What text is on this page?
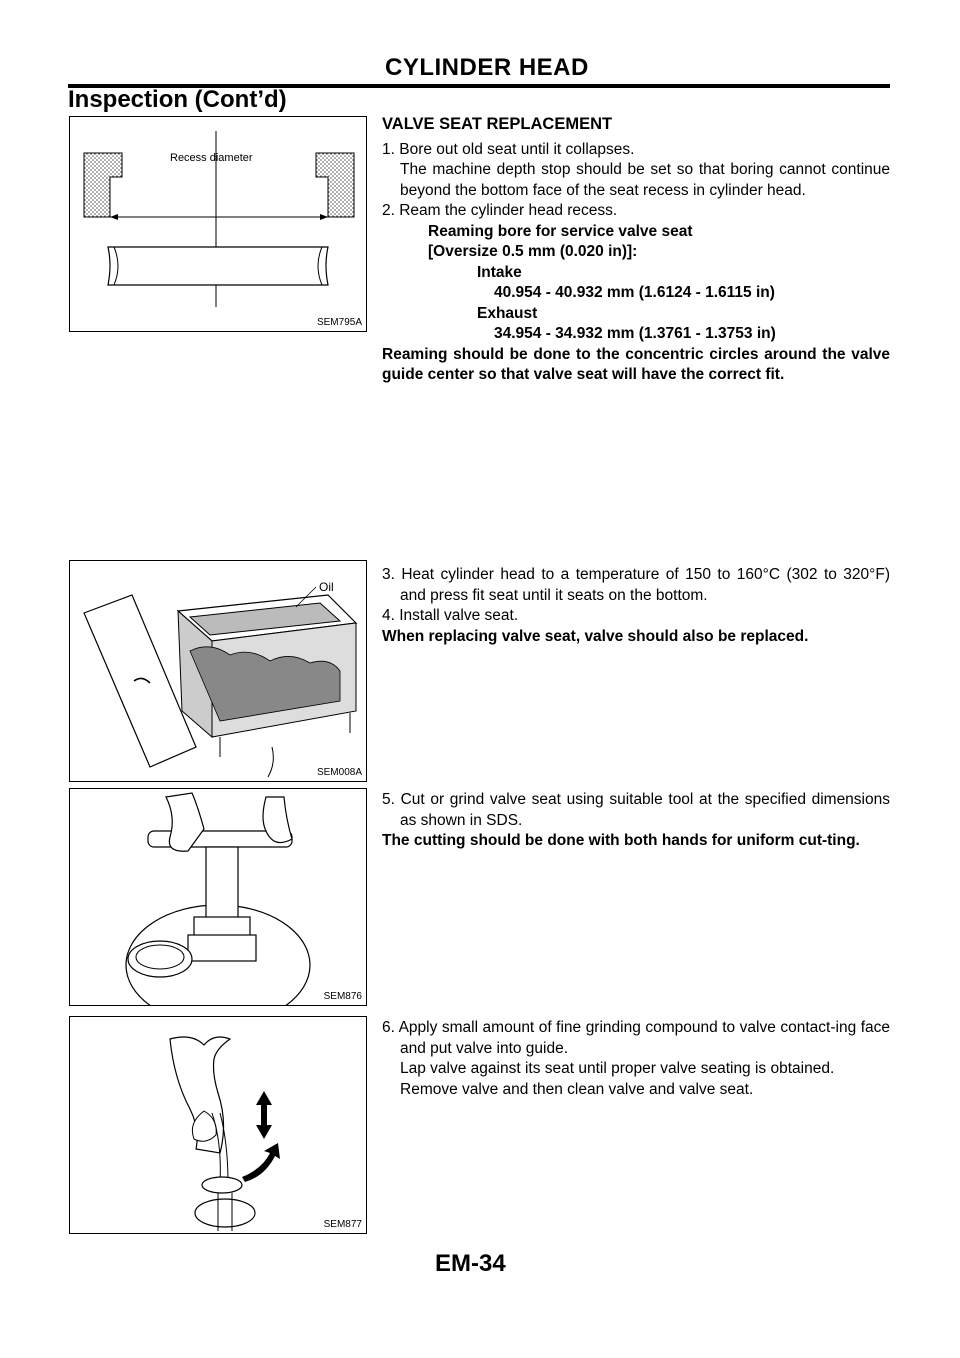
CYLINDER HEAD
Inspection (Cont’d)
Recess diameter
SEM795A
Oil
SEM008A
SEM876
SEM877

VALVE SEAT REPLACEMENT

1. Bore out old seat until it collapses.

The machine depth stop should be set so that boring cannot continue beyond the bottom face of the seat recess in cylinder head.

2. Ream the cylinder head recess.

Reaming bore for service valve seat

[Oversize 0.5 mm (0.020 in)]:

Intake

40.954 - 40.932 mm (1.6124 - 1.6115 in)

Exhaust

34.954 - 34.932 mm (1.3761 - 1.3753 in)

Reaming should be done to the concentric circles around the valve guide center so that valve seat will have the correct fit.

3. Heat cylinder head to a temperature of 150 to 160°C (302 to 320°F) and press fit seat until it seats on the bottom.

4. Install valve seat.

When replacing valve seat, valve should also be replaced.

5. Cut or grind valve seat using suitable tool at the specified dimensions as shown in SDS.

The cutting should be done with both hands for uniform cut-ting.

6. Apply small amount of fine grinding compound to valve contact-ing face and put valve into guide.

Lap valve against its seat until proper valve seating is obtained.

Remove valve and then clean valve and valve seat.

EM-34
